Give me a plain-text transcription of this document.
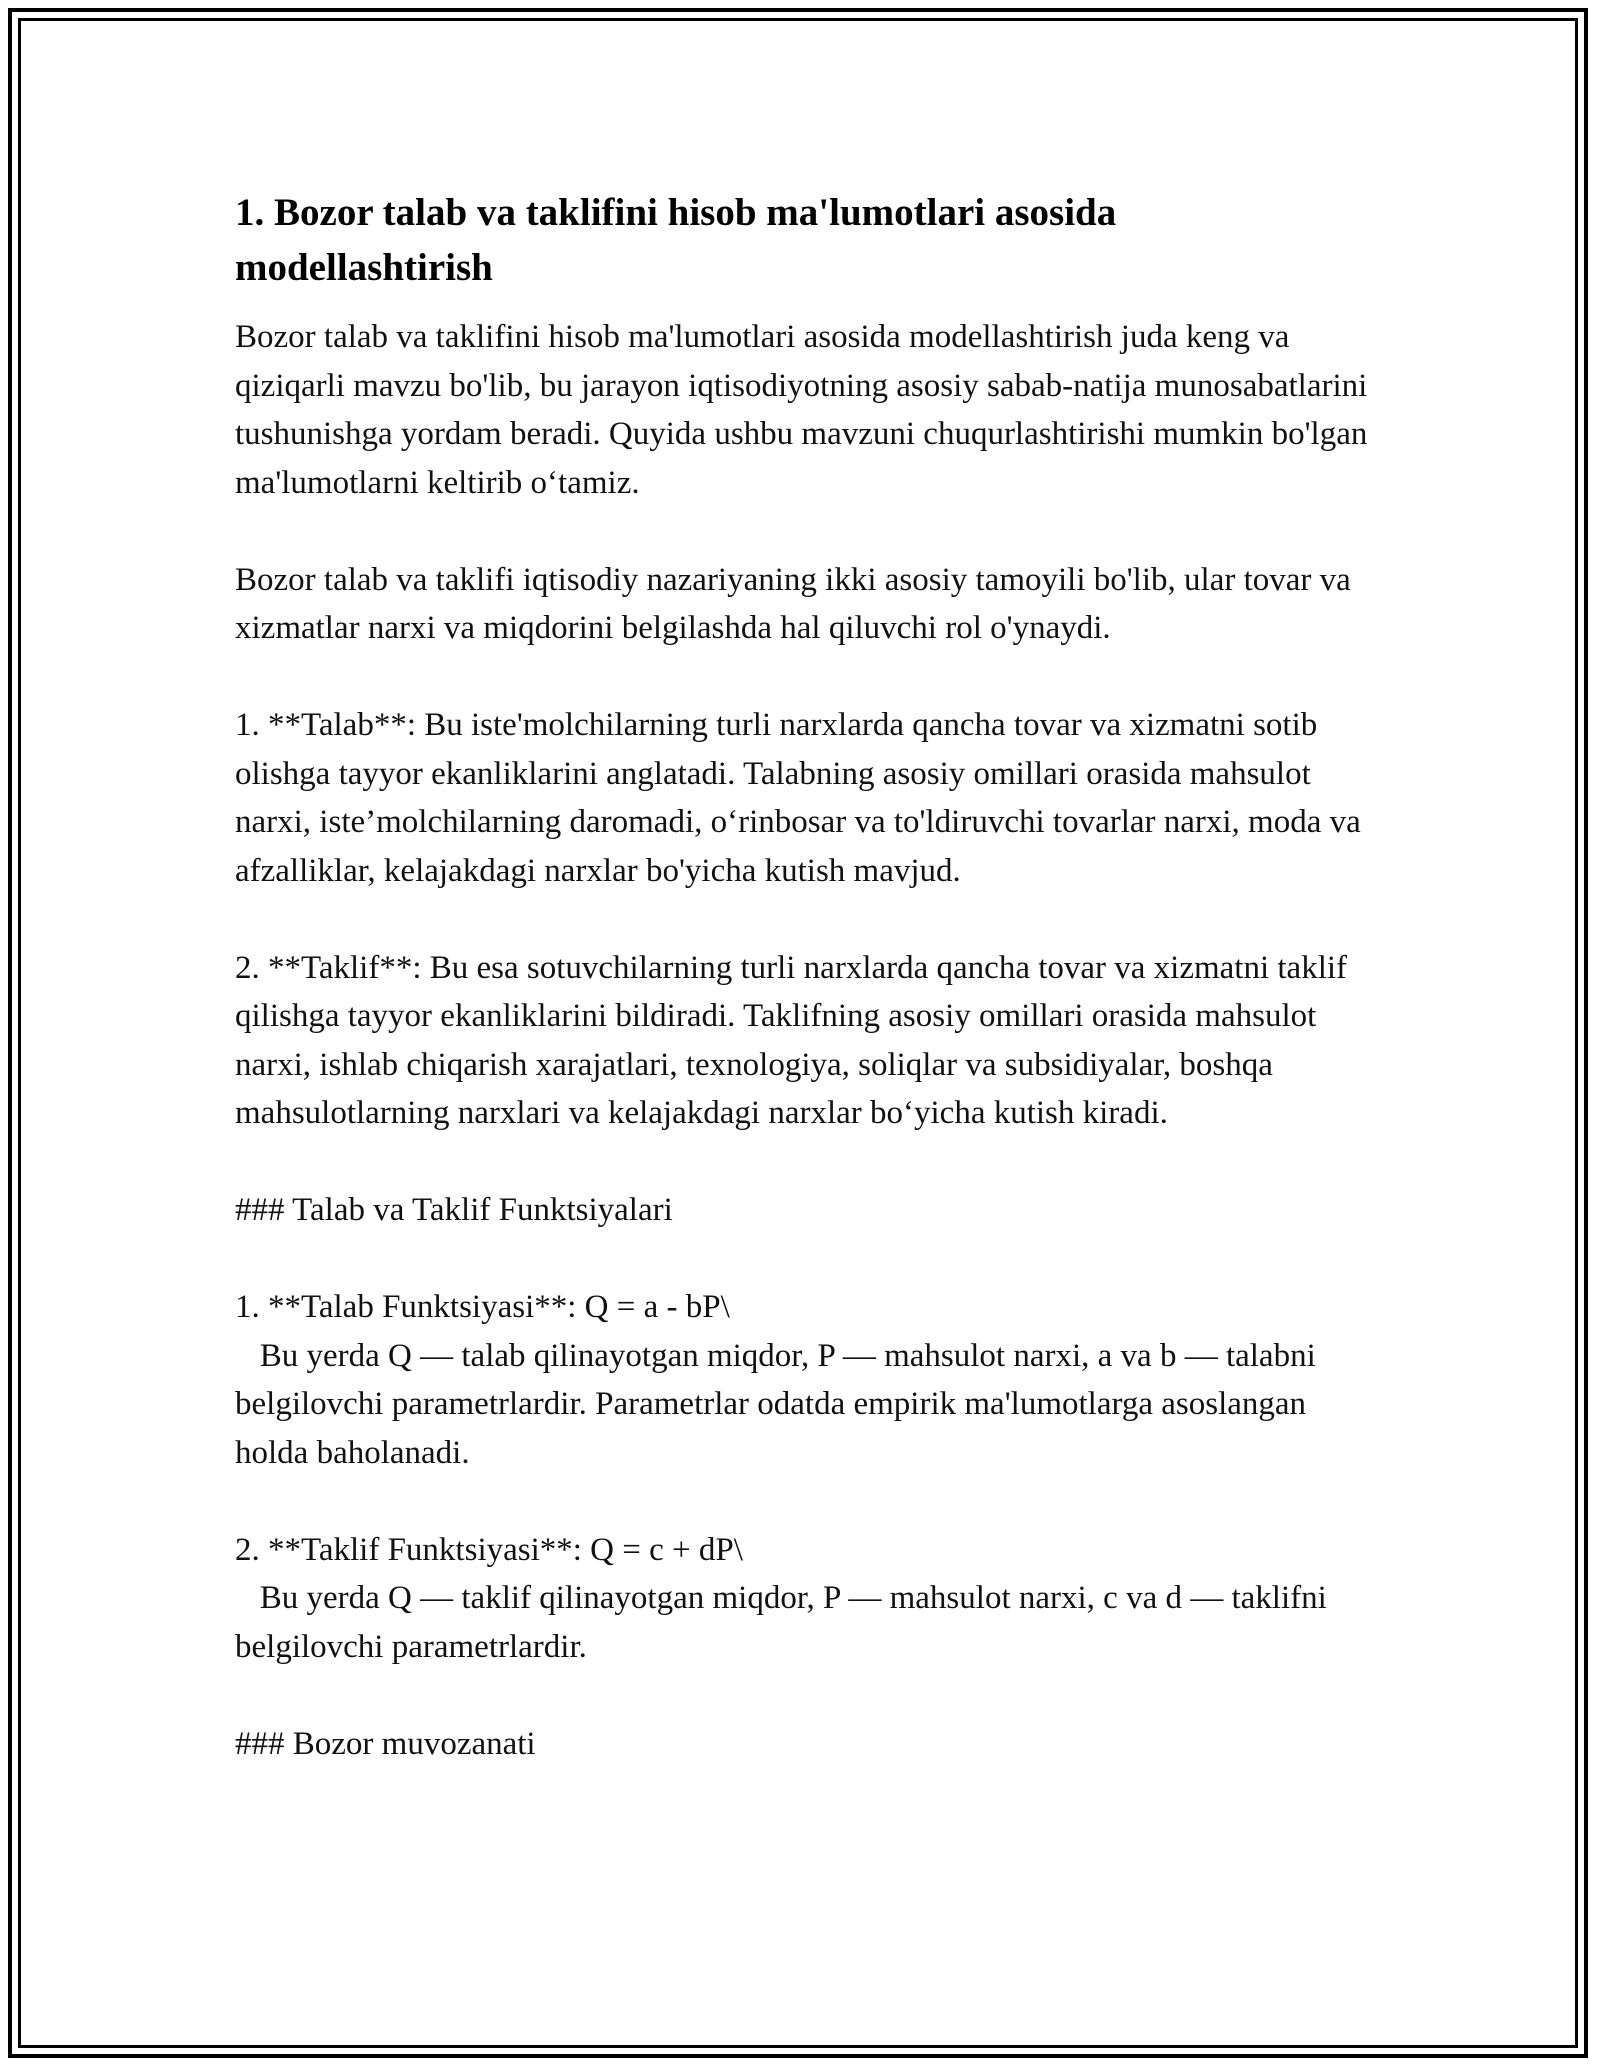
1. Bozor talab va taklifini hisob ma'lumotlari asosida modellashtirish

Bozor talab va taklifini hisob ma'lumotlari asosida modellashtirish juda keng va qiziqarli mavzu bo'lib, bu jarayon iqtisodiyotning asosiy sabab-natija munosabatlarini tushunishga yordam beradi. Quyida ushbu mavzuni chuqurlashtirishi mumkin bo'lgan ma'lumotlarni keltirib o‘tamiz.

Bozor talab va taklifi iqtisodiy nazariyaning ikki asosiy tamoyili bo'lib, ular tovar va xizmatlar narxi va miqdorini belgilashda hal qiluvchi rol o'ynaydi.

1. **Talab**: Bu iste'molchilarning turli narxlarda qancha tovar va xizmatni sotib olishga tayyor ekanliklarini anglatadi. Talabning asosiy omillari orasida mahsulot narxi, iste’molchilarning daromadi, o‘rinbosar va to'ldiruvchi tovarlar narxi, moda va afzalliklar, kelajakdagi narxlar bo'yicha kutish mavjud.

2. **Taklif**: Bu esa sotuvchilarning turli narxlarda qancha tovar va xizmatni taklif qilishga tayyor ekanliklarini bildiradi. Taklifning asosiy omillari orasida mahsulot narxi, ishlab chiqarish xarajatlari, texnologiya, soliqlar va subsidiyalar, boshqa mahsulotlarning narxlari va kelajakdagi narxlar bo‘yicha kutish kiradi.

### Talab va Taklif Funktsiyalari

1. **Talab Funktsiyasi**: Q = a - bP\
Bu yerda Q — talab qilinayotgan miqdor, P — mahsulot narxi, a va b — talabni belgilovchi parametrlardir. Parametrlar odatda empirik ma'lumotlarga asoslangan holda baholanadi.

2. **Taklif Funktsiyasi**: Q = c + dP\
Bu yerda Q — taklif qilinayotgan miqdor, P — mahsulot narxi, c va d — taklifni belgilovchi parametrlardir.

### Bozor muvozanati
